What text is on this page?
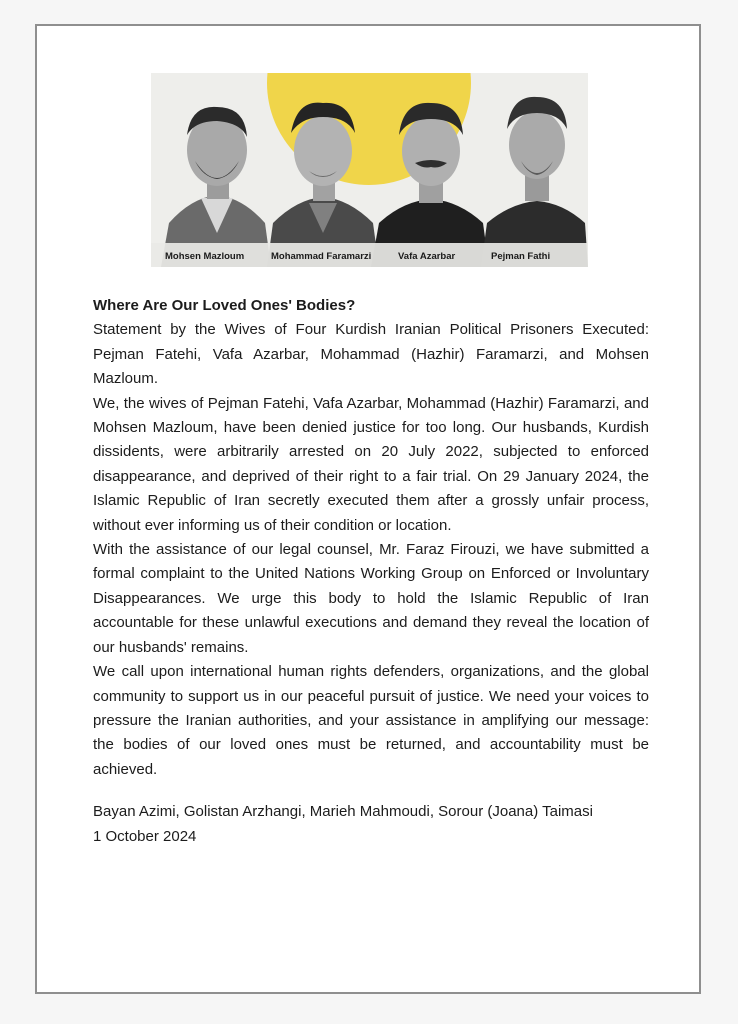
Mohsen Mazloum	Mohammad Faramarzi	Vafa Azarbar	Pejman Fathi

Where Are Our Loved Ones' Bodies?

Statement by the Wives of Four Kurdish Iranian Political Prisoners Executed: Pejman Fatehi, Vafa Azarbar, Mohammad (Hazhir) Faramarzi, and Mohsen Mazloum.

We, the wives of Pejman Fatehi, Vafa Azarbar, Mohammad (Hazhir) Faramarzi, and Mohsen Mazloum, have been denied justice for too long. Our husbands, Kurdish dissidents, were arbitrarily arrested on 20 July 2022, subjected to enforced disappearance, and deprived of their right to a fair trial. On 29 January 2024, the Islamic Republic of Iran secretly executed them after a grossly unfair process, without ever informing us of their condition or location.

With the assistance of our legal counsel, Mr. Faraz Firouzi, we have submitted a formal complaint to the United Nations Working Group on Enforced or Involuntary Disappearances. We urge this body to hold the Islamic Republic of Iran accountable for these unlawful executions and demand they reveal the location of our husbands' remains.

We call upon international human rights defenders, organizations, and the global community to support us in our peaceful pursuit of justice. We need your voices to pressure the Iranian authorities, and your assistance in amplifying our message: the bodies of our loved ones must be returned, and accountability must be achieved.

Bayan Azimi, Golistan Arzhangi, Marieh Mahmoudi, Sorour (Joana) Taimasi

1 October 2024
